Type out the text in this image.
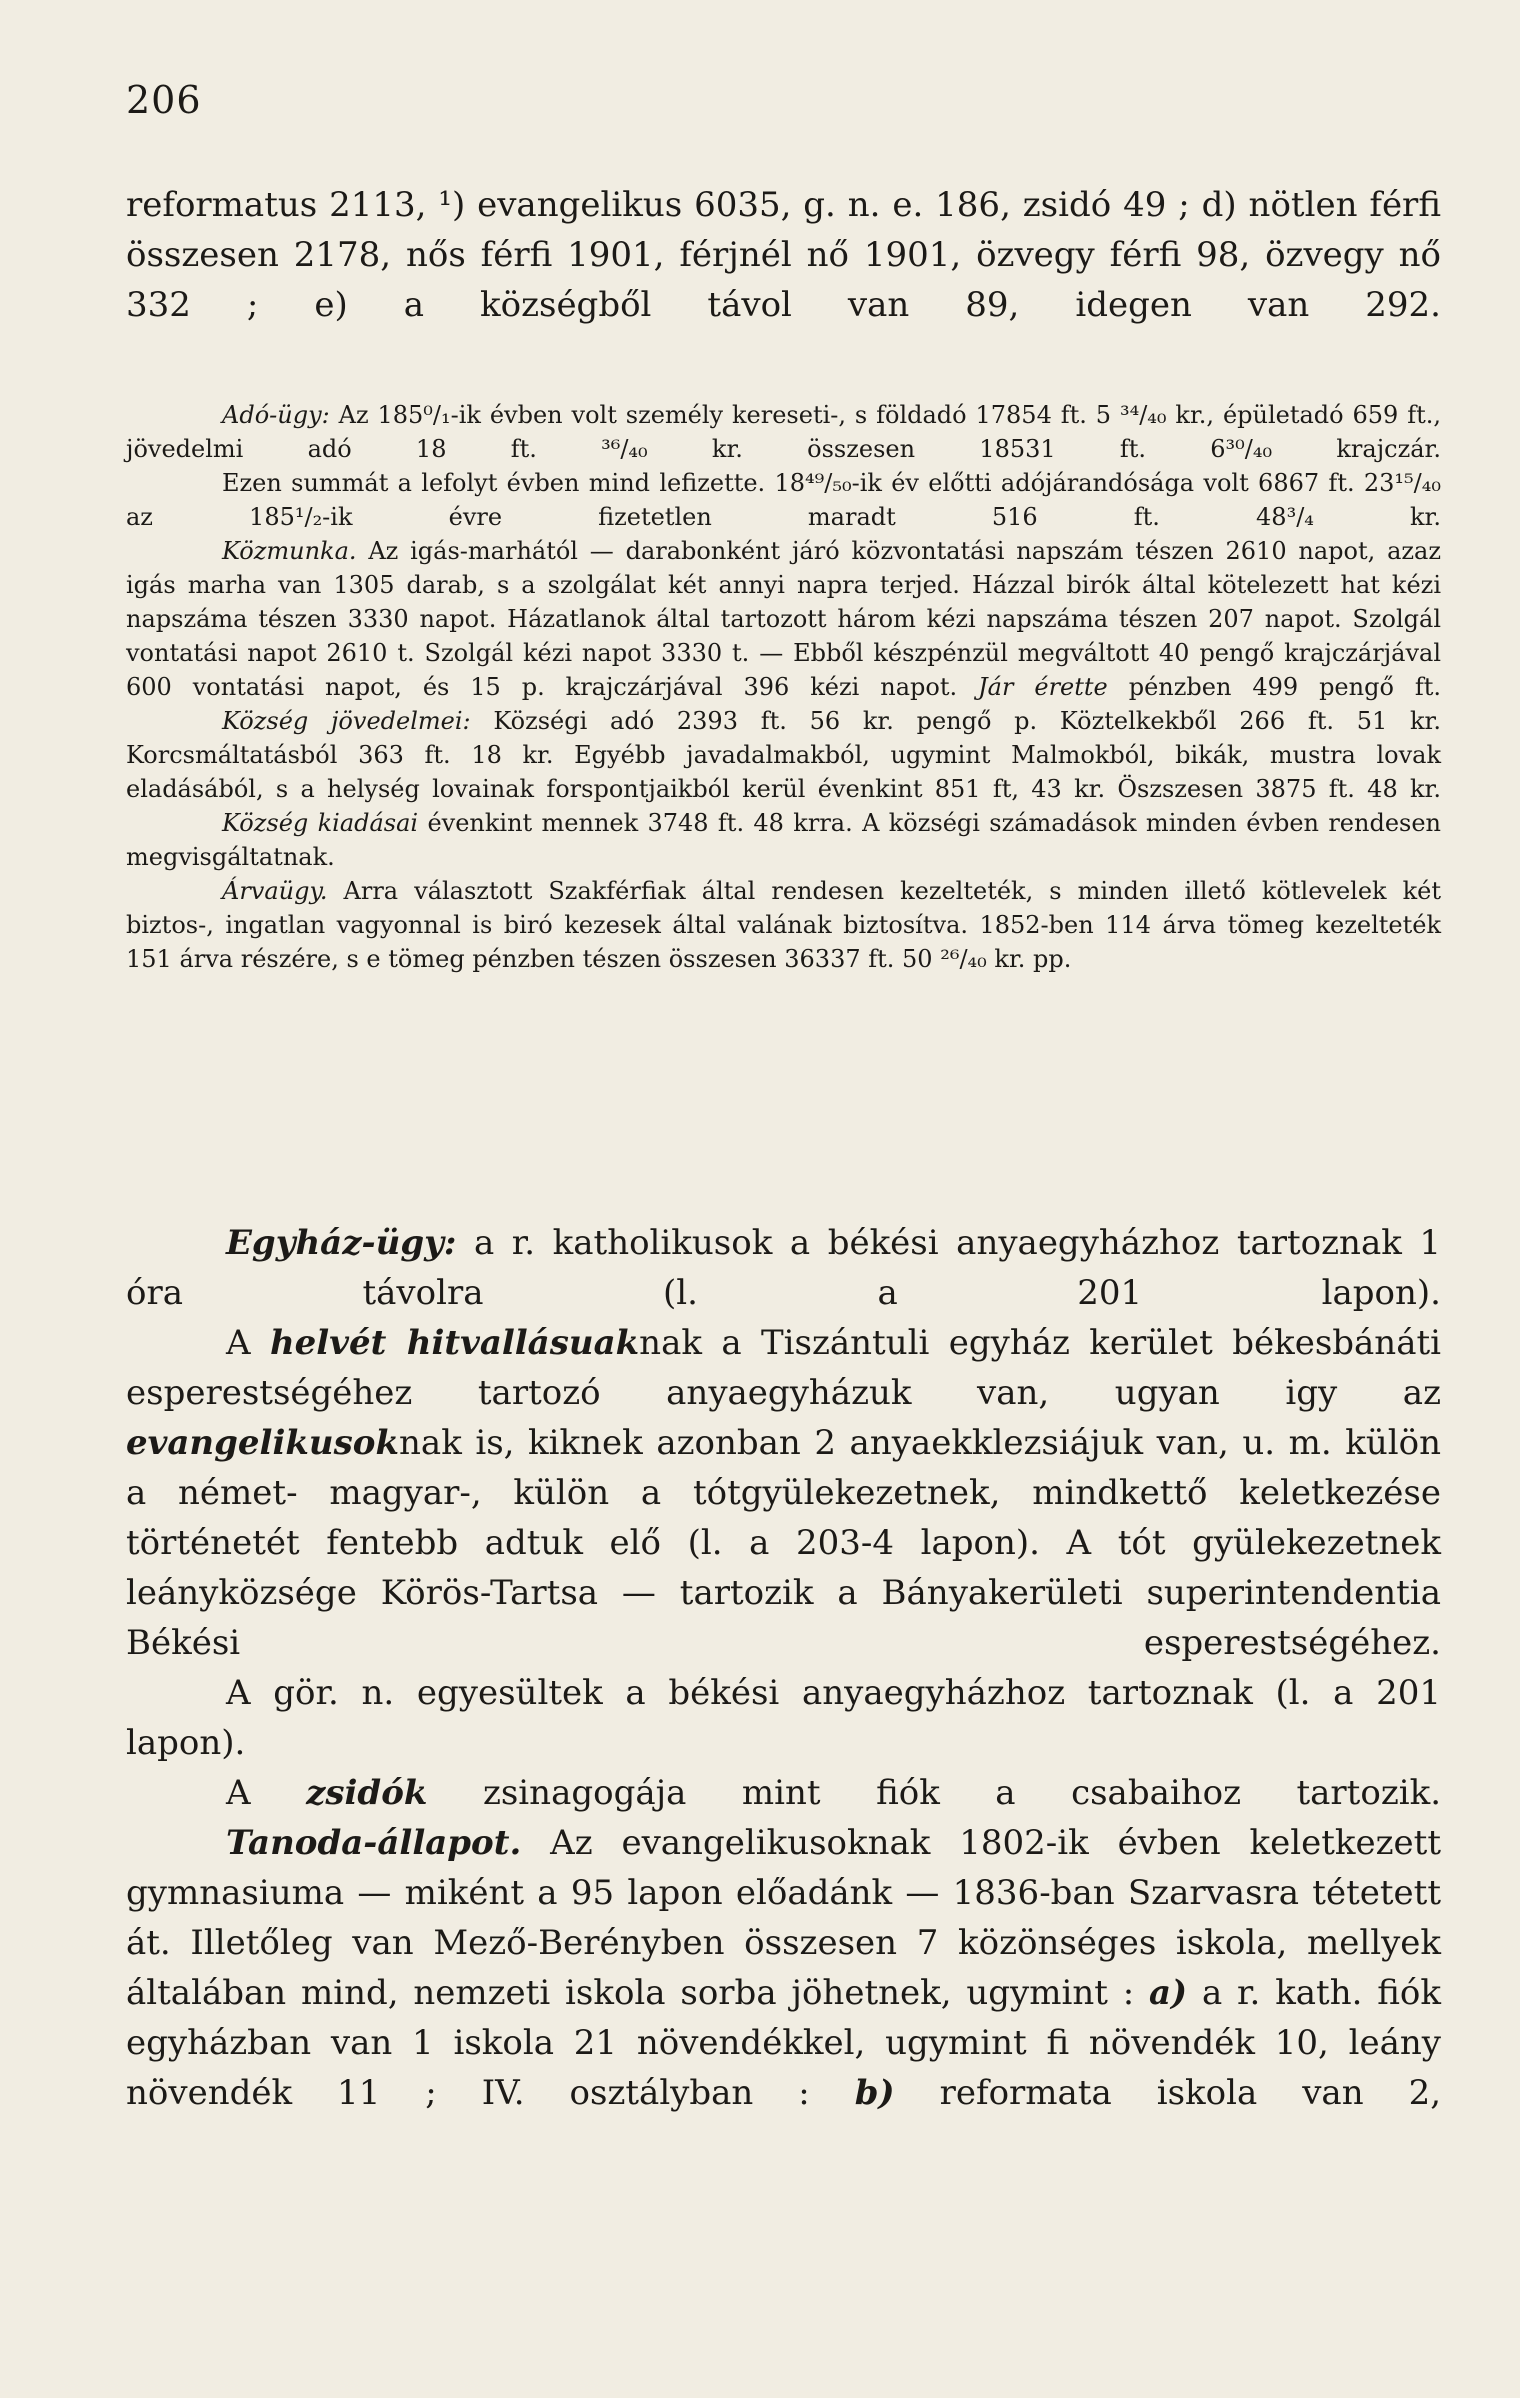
206
reformatus 2113, ¹) evangelikus 6035, g. n. e. 186, zsidó 49 ; d) nötlen férfi összesen 2178, nős férfi 1901, férjnél nő 1901, özvegy férfi 98, özvegy nő 332 ; e) a községből távol van 89, idegen van 292.
Adó-ügy: Az 185⁰/₁-ik évben volt személy kereseti-, s földadó 17854 ft. 5 ³⁴/₄₀ kr., épületadó 659 ft., jövedelmi adó 18 ft. ³⁶/₄₀ kr. összesen 18531 ft. 6³⁰/₄₀ krajczár.
Ezen summát a lefolyt évben mind lefizette. 18⁴⁹/₅₀-ik év előtti adójárandósága volt 6867 ft. 23¹⁵/₄₀ az 185¹/₂-ik évre fizetetlen maradt 516 ft. 48³/₄ kr.
Közmunka. Az igás-marhától — darabonként járó közvontatási napszám tészen 2610 napot, azaz igás marha van 1305 darab, s a szolgálat két annyi napra terjed. Házzal birók által kötelezett hat kézi napszáma tészen 3330 napot. Házatlanok által tartozott három kézi napszáma tészen 207 napot. Szolgál vontatási napot 2610 t. Szolgál kézi napot 3330 t. — Ebből készpénzül megváltott 40 pengő krajczárjával 600 vontatási napot, és 15 p. krajczárjával 396 kézi napot. Jár érette pénzben 499 pengő ft.
Község jövedelmei: Községi adó 2393 ft. 56 kr. pengő p. Köztelkekből 266 ft. 51 kr. Korcsmáltatásból 363 ft. 18 kr. Egyébb javadalmakból, ugymint Malmokból, bikák, mustra lovak eladásából, s a helység lovainak forspontjaikból kerül évenkint 851 ft, 43 kr. Öszszesen 3875 ft. 48 kr.
Község kiadásai évenkint mennek 3748 ft. 48 krra. A községi számadások minden évben rendesen megvisgáltatnak.
Árvaügy. Arra választott Szakférfiak által rendesen kezelteték, s minden illető kötlevelek két biztos-, ingatlan vagyonnal is biró kezesek által valának biztosítva. 1852-ben 114 árva tömeg kezelteték 151 árva részére, s e tömeg pénzben tészen összesen 36337 ft. 50 ²⁶/₄₀ kr. pp.
Egyház-ügy: a r. katholikusok a békési anyaegyházhoz tartoznak 1 óra távolra (l. a 201 lapon).
A helvét hitvallásuaknak a Tiszántuli egyház kerület békesbánáti esperestségéhez tartozó anyaegyházuk van, ugyan igy az evangelikusoknak is, kiknek azonban 2 anyaekklezsiájuk van, u. m. külön a német- magyar-, külön a tótgyülekezetnek, mindkettő keletkezése történetét fentebb adtuk elő (l. a 203-4 lapon). A tót gyülekezetnek leányközsége Körös-Tartsa — tartozik a Bányakerületi superintendentia Békési esperestségéhez.
A gör. n. egyesültek a békési anyaegyházhoz tartoznak (l. a 201 lapon).
A zsidók zsinagogája mint fiók a csabaihoz tartozik.
Tanoda-állapot. Az evangelikusoknak 1802-ik évben keletkezett gymnasiuma — miként a 95 lapon előadánk — 1836-ban Szarvasra tétetett át. Illetőleg van Mező-Berényben összesen 7 közönséges iskola, mellyek általában mind, nemzeti iskola sorba jöhetnek, ugymint : a) a r. kath. fiók egyházban van 1 iskola 21 növendékkel, ugymint fi növendék 10, leány növendék 11 ; IV. osztályban : b) reformata iskola van 2,
